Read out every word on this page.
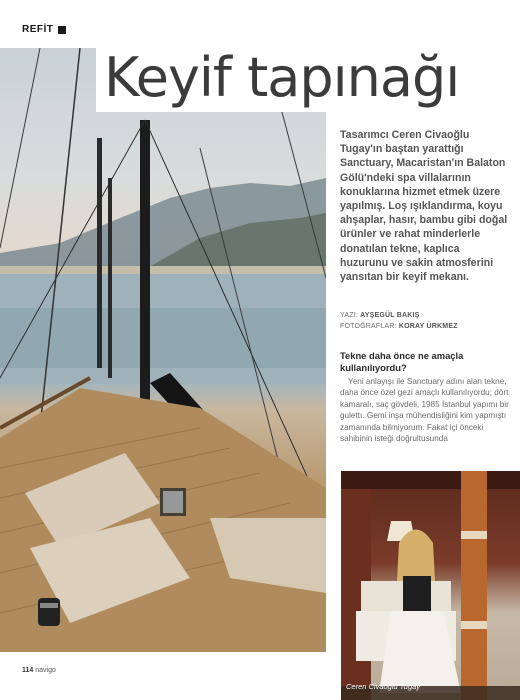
REFİT
Keyif tapınağı

Tasarımcı Ceren Civaoğlu Tugay'ın baştan yarattığı Sanctuary, Macaristan'ın Balaton Gölü'ndeki spa villalarının konuklarına hizmet etmek üzere yapılmış. Loş ışıklandırma, koyu ahşaplar, hasır, bambu gibi doğal ürünler ve rahat minderlerle donatılan tekne, kaplıca huzurunu ve sakin atmosferini yansıtan bir keyif mekanı.

YAZI: AYŞEGÜL BAKIŞ
FOTOĞRAFLAR: KORAY ÜRKMEZ

Tekne daha önce ne amaçla kullanılıyordu?

Yeni anlayışı ile Sanctuary adını alan tekne, daha önce özel gezi amaçlı kullanılıyordu; dört kamaralı, saç gövdeli, 1985 İstanbul yapımı bir gulettı. Gemi inşa mühendisliğini kim yapmıştı zamanında bilmiyorum. Fakat içi önceki sahibinin isteği doğrultusunda

Ceren Civaoğlu Tugay
114 navigo
